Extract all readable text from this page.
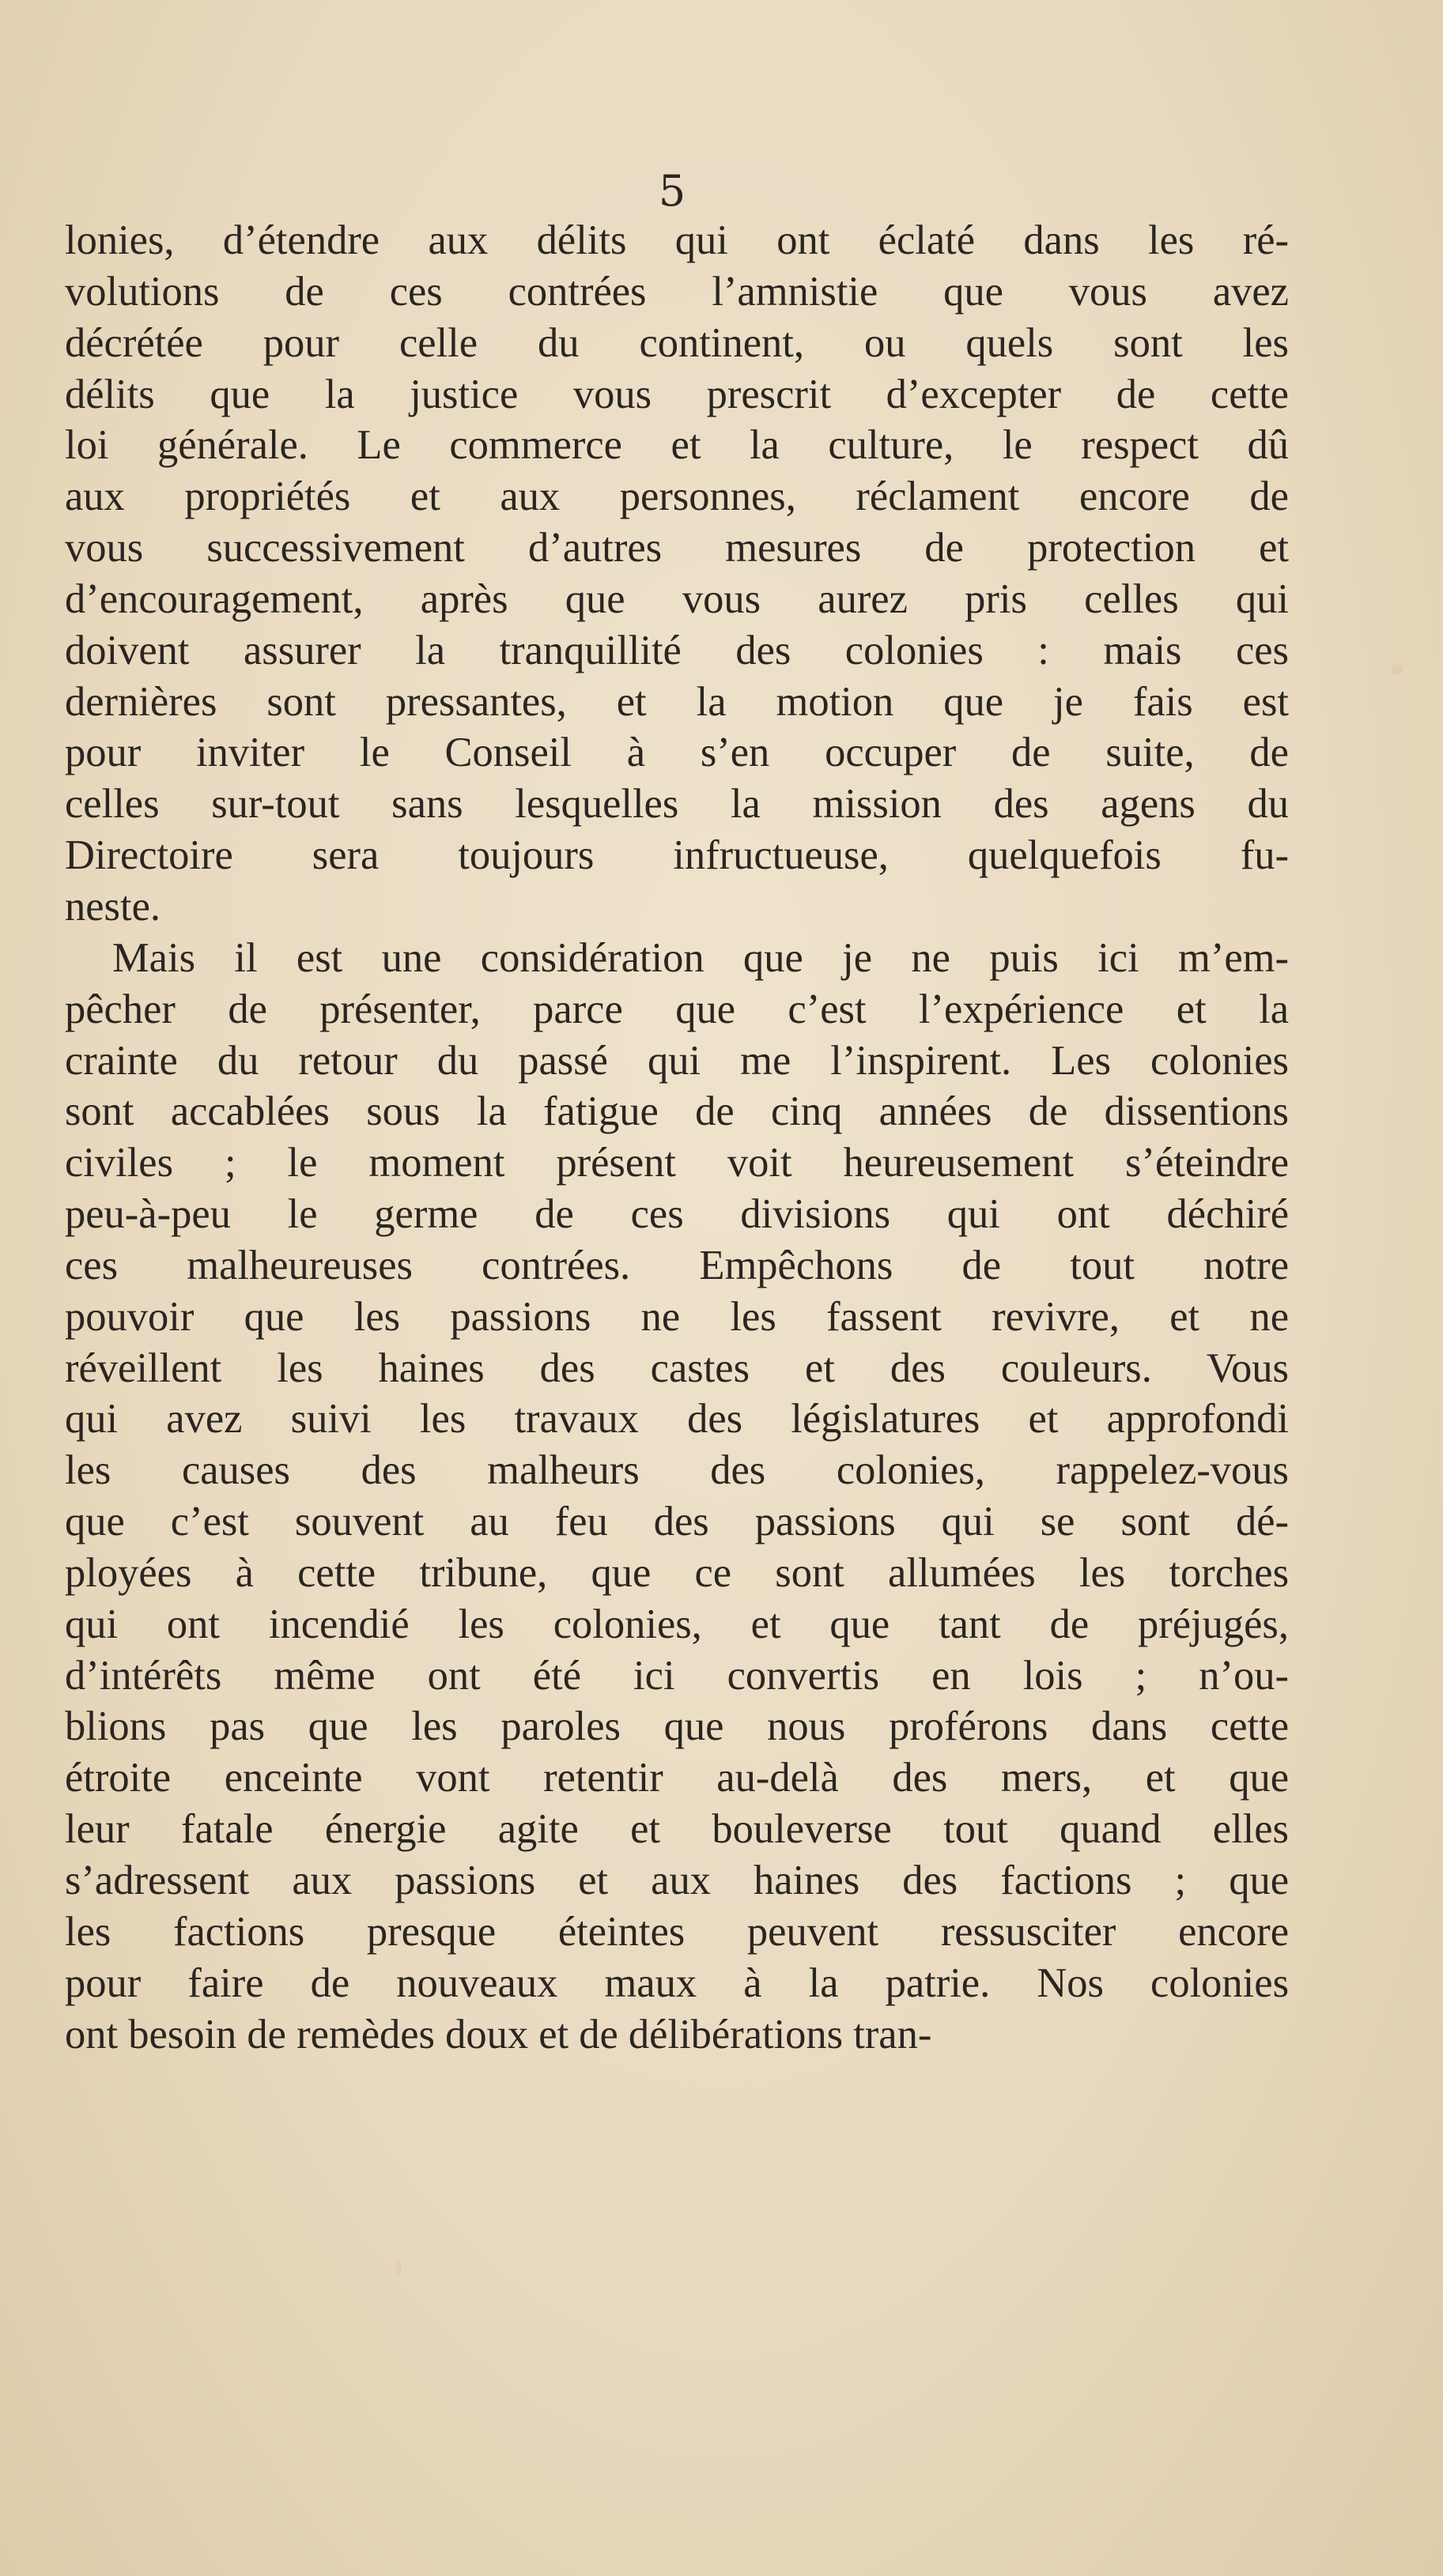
5
lonies, d’étendre aux délits qui ont éclaté dans les ré-
volutions de ces contrées l’amnistie que vous avez
décrétée pour celle du continent, ou quels sont les
délits que la justice vous prescrit d’excepter de cette
loi générale. Le commerce et la culture, le respect dû
aux propriétés et aux personnes, réclament encore de
vous successivement d’autres mesures de protection et
d’encouragement, après que vous aurez pris celles qui
doivent assurer la tranquillité des colonies : mais ces
dernières sont pressantes, et la motion que je fais est
pour inviter le Conseil à s’en occuper de suite, de
celles sur-tout sans lesquelles la mission des agens du
Directoire sera toujours infructueuse, quelquefois fu-
neste.
Mais il est une considération que je ne puis ici m’em-
pêcher de présenter, parce que c’est l’expérience et la
crainte du retour du passé qui me l’inspirent. Les colonies
sont accablées sous la fatigue de cinq années de dissentions
civiles ; le moment présent voit heureusement s’éteindre
peu-à-peu le germe de ces divisions qui ont déchiré
ces malheureuses contrées. Empêchons de tout notre
pouvoir que les passions ne les fassent revivre, et ne
réveillent les haines des castes et des couleurs. Vous
qui avez suivi les travaux des législatures et approfondi
les causes des malheurs des colonies, rappelez-vous
que c’est souvent au feu des passions qui se sont dé-
ployées à cette tribune, que ce sont allumées les torches
qui ont incendié les colonies, et que tant de préjugés,
d’intérêts même ont été ici convertis en lois ; n’ou-
blions pas que les paroles que nous proférons dans cette
étroite enceinte vont retentir au-delà des mers, et que
leur fatale énergie agite et bouleverse tout quand elles
s’adressent aux passions et aux haines des factions ; que
les factions presque éteintes peuvent ressusciter encore
pour faire de nouveaux maux à la patrie. Nos colonies
ont besoin de remèdes doux et de délibérations tran-
